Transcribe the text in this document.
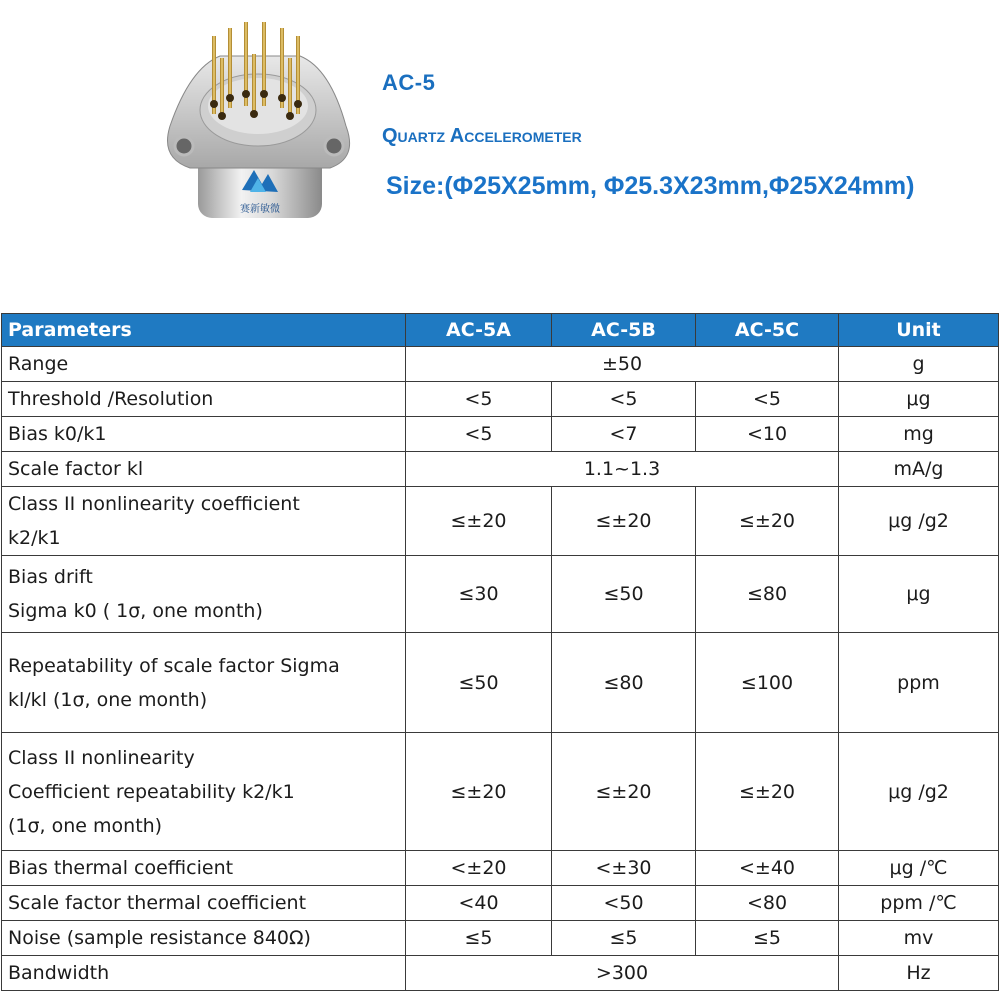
赛新敏微
AC-5
Quartz Accelerometer
Size:(Φ25X25mm, Φ25.3X23mm,Φ25X24mm)
Parameters	AC-5A	AC-5B	AC-5C	Unit

Range	±50			g

Threshold /Resolution	<5	<5	<5	μg

Bias k0/k1	<5	<7	<10	mg

Scale factor kl	1.1~1.3			mA/g

Class II nonlinearity coefficient
k2/k1	≤±20	≤±20	≤±20	μg /g2

Bias drift
Sigma k0 ( 1σ, one month)	≤30	≤50	≤80	μg

Repeatability of scale factor Sigma
kl/kl (1σ, one month)	≤50	≤80	≤100	ppm

Class II nonlinearity
Coefficient repeatability k2/k1
(1σ, one month)	≤±20	≤±20	≤±20	μg /g2

Bias thermal coefficient	<±20	<±30	<±40	μg /℃

Scale factor thermal coefficient	<40	<50	<80	ppm /℃

Noise (sample resistance 840Ω)	≤5	≤5	≤5	mv

Bandwidth	>300			Hz
